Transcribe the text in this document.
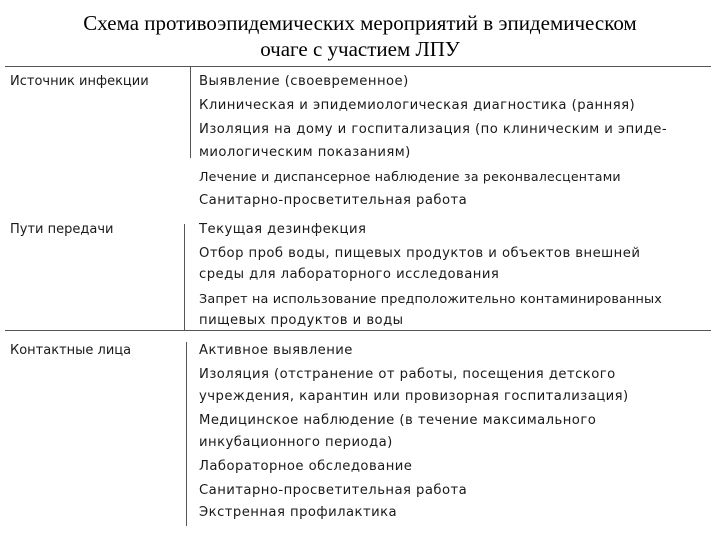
Схема противоэпидемических мероприятий в эпидемическом
очаге с участием ЛПУ
Источник инфекции	Выявление (своевременное)
Клиническая и эпидемиологическая диагностика (ранняя)
Изоляция на дому и госпитализация (по клиническим и эпиде-
миологическим показаниям)
Лечение и диспансерное наблюдение за реконвалесцентами
Санитарно-просветительная работа
Пути передачи	Текущая дезинфекция
Отбор проб воды, пищевых продуктов и объектов внешней
среды для лабораторного исследования
Запрет на использование предположительно контаминированных
пищевых продуктов и воды
Контактные лица	Активное выявление
Изоляция (отстранение от работы, посещения детского
учреждения, карантин или провизорная госпитализация)
Медицинское наблюдение (в течение максимального
инкубационного периода)
Лабораторное обследование
Санитарно-просветительная работа
Экстренная профилактика
